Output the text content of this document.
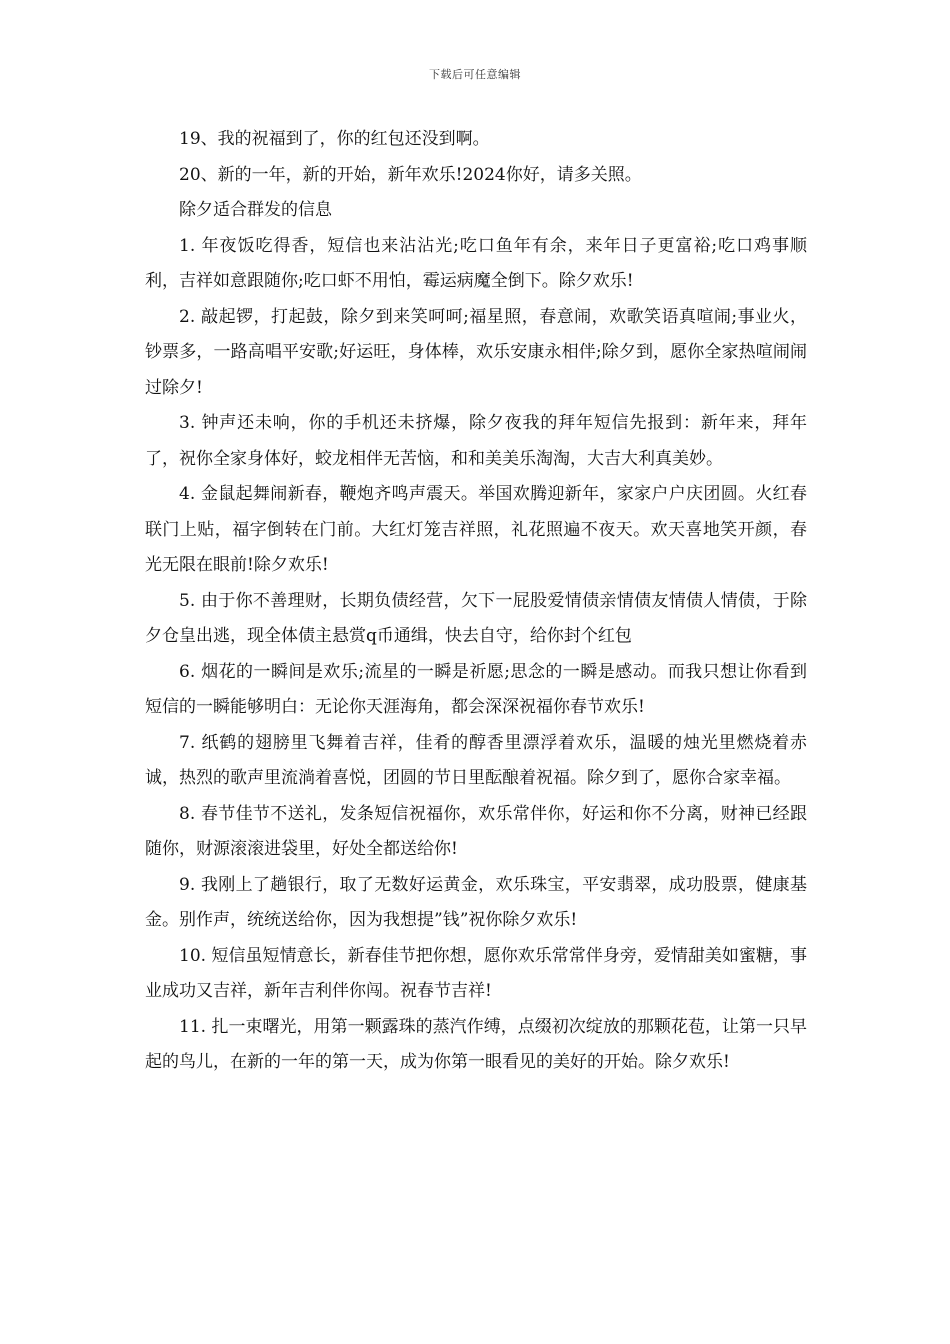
下载后可任意编辑

19、我的祝福到了，你的红包还没到啊。

20、新的一年，新的开始，新年欢乐!2024你好，请多关照。

除夕适合群发的信息

1. 年夜饭吃得香，短信也来沾沾光;吃口鱼年有余，来年日子更富裕;吃口鸡事顺利，吉祥如意跟随你;吃口虾不用怕，霉运病魔全倒下。除夕欢乐!

2. 敲起锣，打起鼓，除夕到来笑呵呵;福星照，春意闹，欢歌笑语真喧闹;事业火，钞票多，一路高唱平安歌;好运旺，身体棒，欢乐安康永相伴;除夕到，愿你全家热喧闹闹过除夕!

3. 钟声还未响，你的手机还未挤爆，除夕夜我的拜年短信先报到：新年来，拜年了，祝你全家身体好，蛟龙相伴无苦恼，和和美美乐淘淘，大吉大利真美妙。

4. 金鼠起舞闹新春，鞭炮齐鸣声震天。举国欢腾迎新年，家家户户庆团圆。火红春联门上贴，福字倒转在门前。大红灯笼吉祥照，礼花照遍不夜天。欢天喜地笑开颜，春光无限在眼前!除夕欢乐!

5. 由于你不善理财，长期负债经营，欠下一屁股爱情债亲情债友情债人情债，于除夕仓皇出逃，现全体债主悬赏q币通缉，快去自守，给你封个红包

6. 烟花的一瞬间是欢乐;流星的一瞬是祈愿;思念的一瞬是感动。而我只想让你看到短信的一瞬能够明白：无论你天涯海角，都会深深祝福你春节欢乐!

7. 纸鹤的翅膀里飞舞着吉祥，佳肴的醇香里漂浮着欢乐，温暖的烛光里燃烧着赤诚，热烈的歌声里流淌着喜悦，团圆的节日里酝酿着祝福。除夕到了，愿你合家幸福。

8. 春节佳节不送礼，发条短信祝福你，欢乐常伴你，好运和你不分离，财神已经跟随你，财源滚滚进袋里，好处全都送给你!

9. 我刚上了趟银行，取了无数好运黄金，欢乐珠宝，平安翡翠，成功股票，健康基金。别作声，统统送给你，因为我想提”钱”祝你除夕欢乐!

10. 短信虽短情意长，新春佳节把你想，愿你欢乐常常伴身旁，爱情甜美如蜜糖，事业成功又吉祥，新年吉利伴你闯。祝春节吉祥!

11. 扎一束曙光，用第一颗露珠的蒸汽作缚，点缀初次绽放的那颗花苞，让第一只早起的鸟儿，在新的一年的第一天，成为你第一眼看见的美好的开始。除夕欢乐!
